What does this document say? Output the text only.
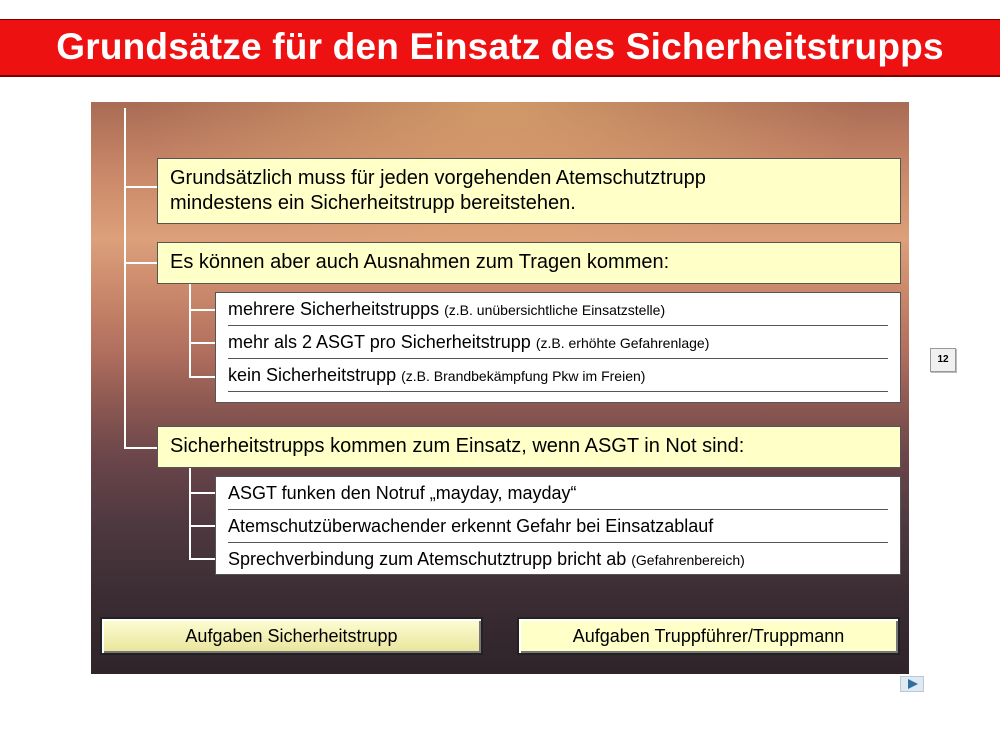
Grundsätze für den Einsatz des Sicherheitstrupps
Grundsätzlich muss für jeden vorgehenden Atemschutztrupp
mindestens ein Sicherheitstrupp bereitstehen.
Es können aber auch Ausnahmen zum Tragen kommen:
mehrere Sicherheitstrupps (z.B. unübersichtliche Einsatzstelle)
mehr als 2 ASGT pro Sicherheitstrupp (z.B. erhöhte Gefahrenlage)
kein Sicherheitstrupp (z.B. Brandbekämpfung Pkw im Freien)
Sicherheitstrupps kommen zum Einsatz, wenn ASGT in Not sind:
ASGT funken den Notruf „mayday, mayday“
Atemschutzüberwachender erkennt Gefahr bei Einsatzablauf
Sprechverbindung zum Atemschutztrupp bricht ab (Gefahrenbereich)
Aufgaben Sicherheitstrupp	Aufgaben Truppführer/Truppmann
12
